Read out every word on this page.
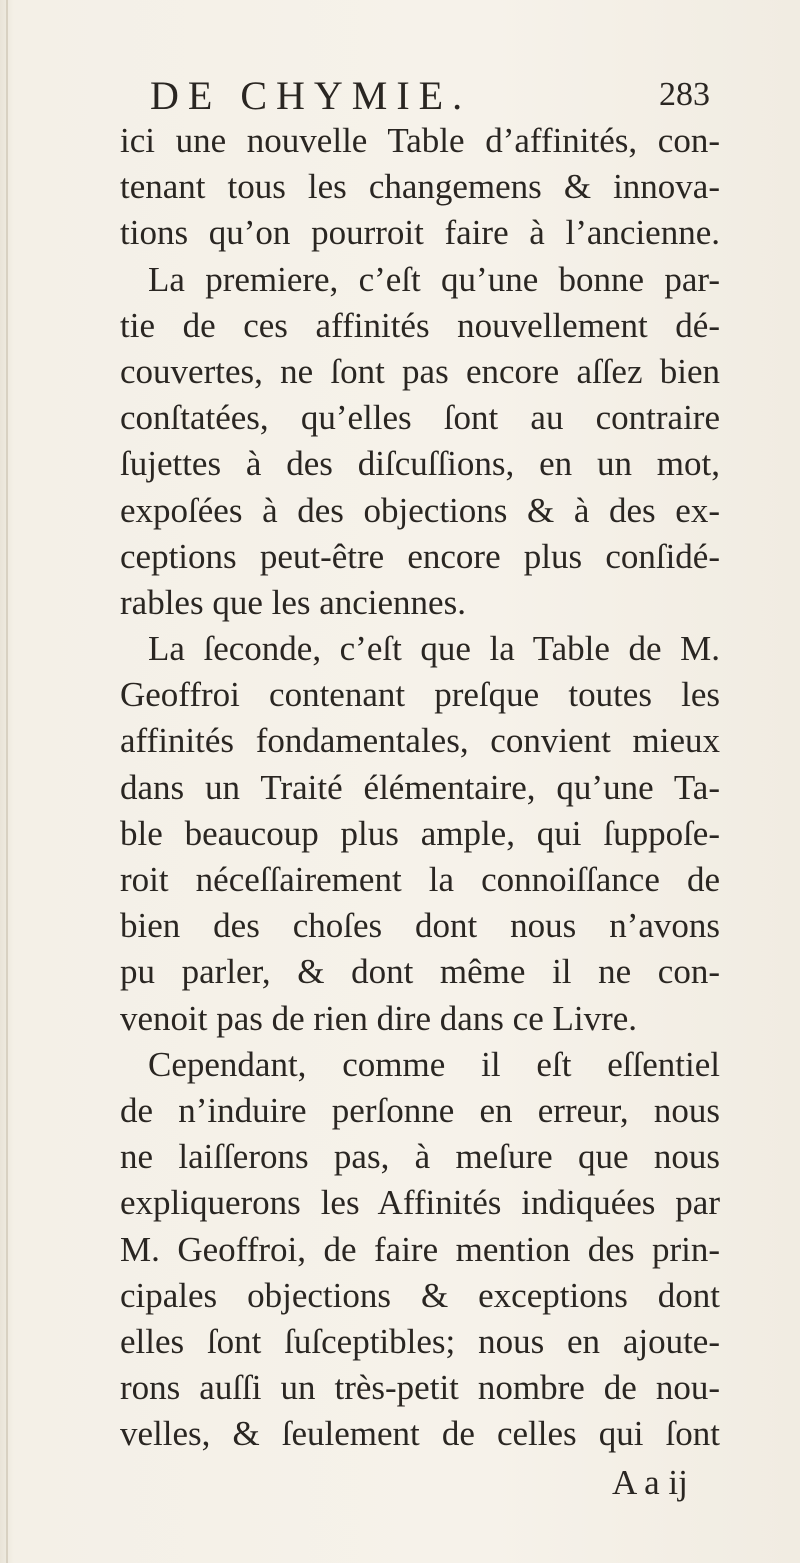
DE CHYMIE.	283
ici une nouvelle Table d’affinités, con-
tenant tous les changemens & innova-
tions qu’on pourroit faire à l’ancienne.
La premiere, c’eſt qu’une bonne par-
tie de ces affinités nouvellement dé-
couvertes, ne ſont pas encore aſſez bien
conſtatées, qu’elles ſont au contraire
ſujettes à des diſcuſſions, en un mot,
expoſées à des objections & à des ex-
ceptions peut-être encore plus conſidé-
rables que les anciennes.
La ſeconde, c’eſt que la Table de M.
Geoffroi contenant preſque toutes les
affinités fondamentales, convient mieux
dans un Traité élémentaire, qu’une Ta-
ble beaucoup plus ample, qui ſuppoſe-
roit néceſſairement la connoiſſance de
bien des choſes dont nous n’avons
pu parler, & dont même il ne con-
venoit pas de rien dire dans ce Livre.
Cependant, comme il eſt eſſentiel
de n’induire perſonne en erreur, nous
ne laiſſerons pas, à meſure que nous
expliquerons les Affinités indiquées par
M. Geoffroi, de faire mention des prin-
cipales objections & exceptions dont
elles ſont ſuſceptibles; nous en ajoute-
rons auſſi un très-petit nombre de nou-
velles, & ſeulement de celles qui ſont
A a ij
